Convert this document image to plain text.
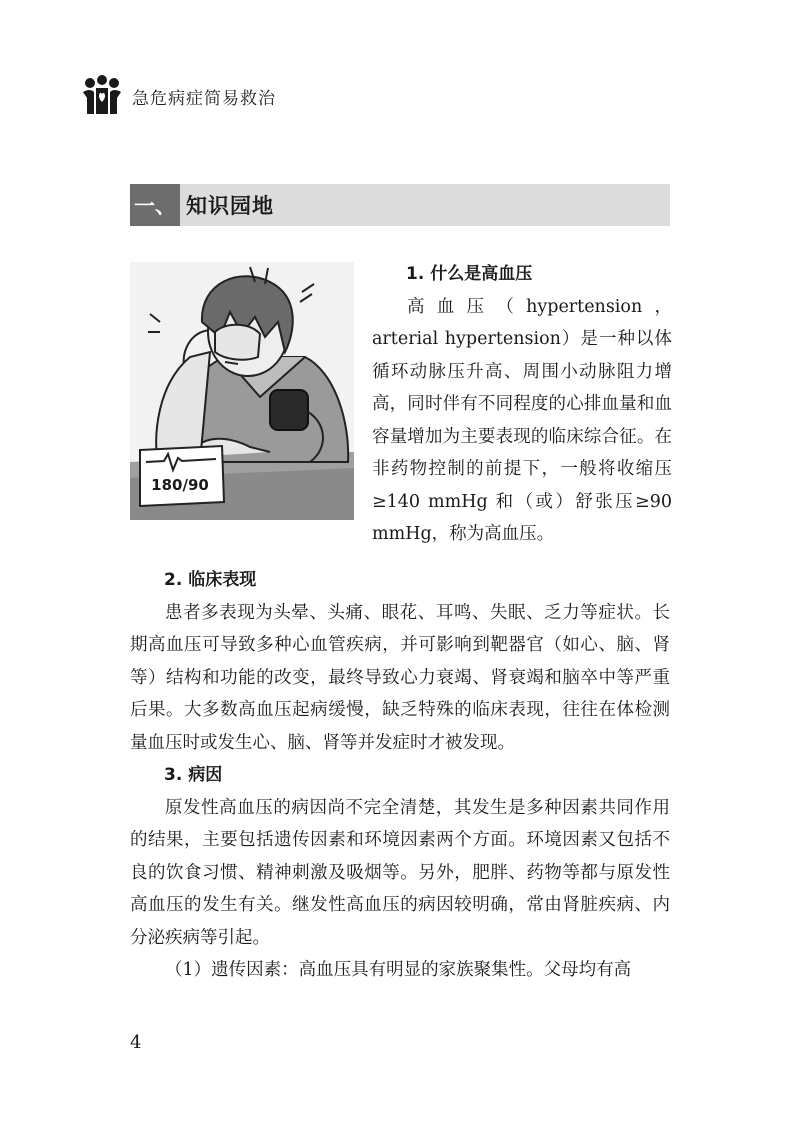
急危病症简易救治
一、 知识园地
180/90
1. 什么是高血压

高血压（hypertension，arterial hypertension）是一种以体循环动脉压升高、周围小动脉阻力增高，同时伴有不同程度的心排血量和血容量增加为主要表现的临床综合征。在非药物控制的前提下，一般将收缩压≥140 mmHg 和（或）舒张压≥90 mmHg，称为高血压。

2. 临床表现

患者多表现为头晕、头痛、眼花、耳鸣、失眠、乏力等症状。长期高血压可导致多种心血管疾病，并可影响到靶器官（如心、脑、肾等）结构和功能的改变，最终导致心力衰竭、肾衰竭和脑卒中等严重后果。大多数高血压起病缓慢，缺乏特殊的临床表现，往往在体检测量血压时或发生心、脑、肾等并发症时才被发现。

3. 病因

原发性高血压的病因尚不完全清楚，其发生是多种因素共同作用的结果，主要包括遗传因素和环境因素两个方面。环境因素又包括不良的饮食习惯、精神刺激及吸烟等。另外，肥胖、药物等都与原发性高血压的发生有关。继发性高血压的病因较明确，常由肾脏疾病、内分泌疾病等引起。

（1）遗传因素：高血压具有明显的家族聚集性。父母均有高

4
